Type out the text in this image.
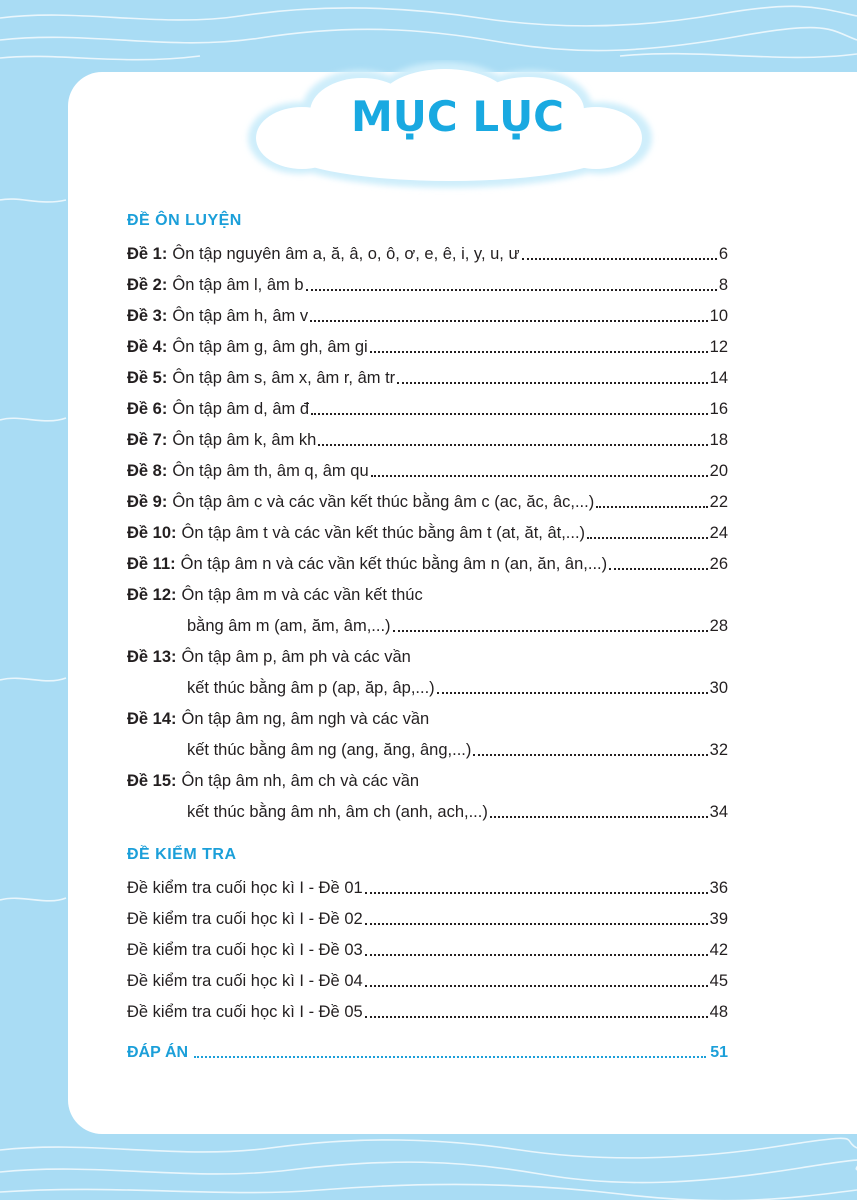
MỤC LỤC
ĐỀ ÔN LUYỆN
Đề 1: Ôn tập nguyên âm a, ă, â, o, ô, ơ, e, ê, i, y, u, ư	6
Đề 2: Ôn tập âm l, âm b	8
Đề 3: Ôn tập âm h, âm v	10
Đề 4: Ôn tập âm g, âm gh, âm gi	12
Đề 5: Ôn tập âm s, âm x, âm r, âm tr	14
Đề 6: Ôn tập âm d, âm đ	16
Đề 7: Ôn tập âm k, âm kh	18
Đề 8: Ôn tập âm th, âm q, âm qu	20
Đề 9: Ôn tập âm c và các vần kết thúc bằng âm c (ac, ăc, âc,...)	22
Đề 10: Ôn tập âm t và các vần kết thúc bằng âm t (at, ăt, ât,...)	24
Đề 11: Ôn tập âm n và các vần kết thúc bằng âm n (an, ăn, ân,...)	26
Đề 12: Ôn tập âm m và các vần kết thúc
bằng âm m (am, ăm, âm,...)	28
Đề 13: Ôn tập âm p, âm ph và các vần
kết thúc bằng âm p (ap, ăp, âp,...)	30
Đề 14: Ôn tập âm ng, âm ngh và các vần
kết thúc bằng âm ng (ang, ăng, âng,...)	32
Đề 15: Ôn tập âm nh, âm ch và các vần
kết thúc bằng âm nh, âm ch (anh, ach,...)	34
ĐỀ KIỂM TRA
Đề kiểm tra cuối học kì I - Đề 01	36
Đề kiểm tra cuối học kì I - Đề 02	39
Đề kiểm tra cuối học kì I - Đề 03	42
Đề kiểm tra cuối học kì I - Đề 04	45
Đề kiểm tra cuối học kì I - Đề 05	48
ĐÁP ÁN	51
